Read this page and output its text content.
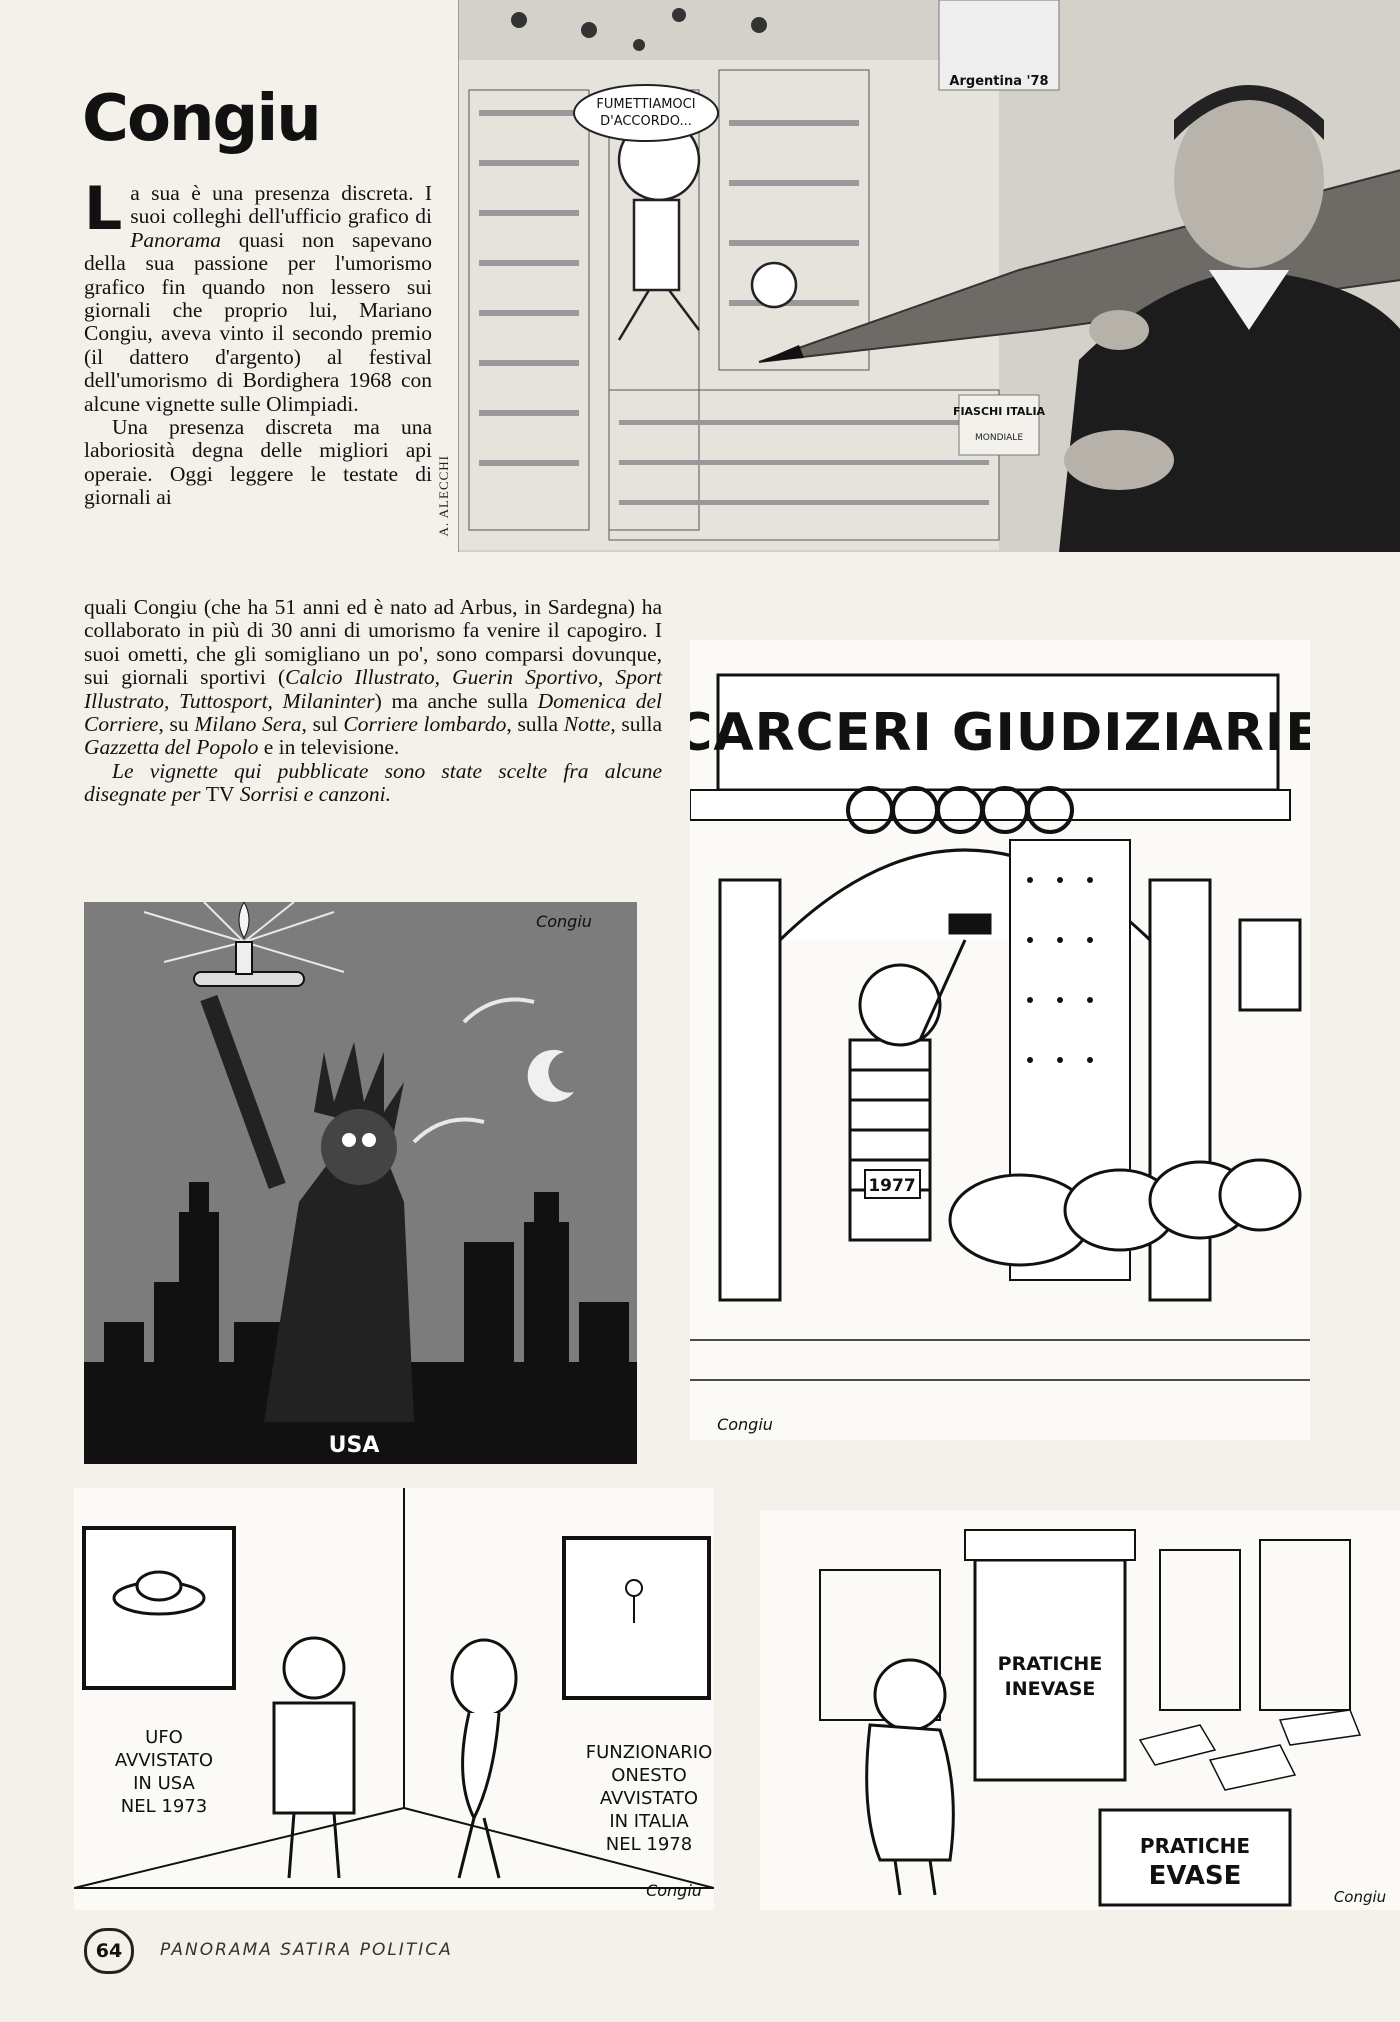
Congiu	FUMETTIAMOCI
D'ACCORDO...
Argentina '78
FIASCHI ITALIA
MONDIALE
A. ALECCHI

La sua è una presenza discreta. I suoi colleghi dell'ufficio grafico di Panorama quasi non sapevano della sua passione per l'umorismo grafico fin quando non lessero sui giornali che proprio lui, Mariano Congiu, aveva vinto il secondo premio (il dattero d'argento) al festival dell'umorismo di Bordighera 1968 con alcune vignette sulle Olimpiadi.

Una presenza discreta ma una laboriosità degna delle migliori api operaie. Oggi leggere le testate di giornali ai

quali Congiu (che ha 51 anni ed è nato ad Arbus, in Sardegna) ha collaborato in più di 30 anni di umorismo fa venire il capogiro. I suoi ometti, che gli somigliano un po', sono comparsi dovunque, sui giornali sportivi (Calcio Illustrato, Guerin Sportivo, Sport Illustrato, Tuttosport, Milaninter) ma anche sulla Domenica del Corriere, su Milano Sera, sul Corriere lombardo, sulla Notte, sulla Gazzetta del Popolo e in televisione.

Le vignette qui pubblicate sono state scelte fra alcune disegnate per TV Sorrisi e canzoni.

USA
Congiu
CARCERI GIUDIZIARIE
1977
Congiu
UFO
AVVISTATO
IN USA
NEL 1973
FUNZIONARIO
ONESTO
AVVISTATO
IN ITALIA
NEL 1978
Congiu
PRATICHE
INEVASE
PRATICHE
EVASE
Congiu
64	PANORAMA SATIRA POLITICA
